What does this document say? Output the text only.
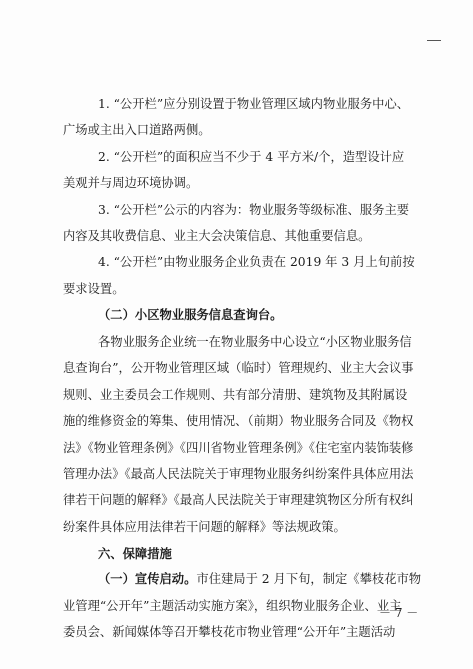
1. “公开栏”应分别设置于物业管理区域内物业服务中心、

广场或主出入口道路两侧。

2. “公开栏”的面积应当不少于 4 平方米/个，造型设计应

美观并与周边环境协调。

3. “公开栏”公示的内容为：物业服务等级标准、服务主要

内容及其收费信息、业主大会决策信息、其他重要信息。

4. “公开栏”由物业服务企业负责在 2019 年 3 月上旬前按

要求设置。

（二）小区物业服务信息查询台。

各物业服务企业统一在物业服务中心设立“小区物业服务信

息查询台”，公开物业管理区域（临时）管理规约、业主大会议事

规则、业主委员会工作规则、共有部分清册、建筑物及其附属设

施的维修资金的筹集、使用情况、（前期）物业服务合同及《物权

法》《物业管理条例》《四川省物业管理条例》《住宅室内装饰装修

管理办法》《最高人民法院关于审理物业服务纠纷案件具体应用法

律若干问题的解释》《最高人民法院关于审理建筑物区分所有权纠

纷案件具体应用法律若干问题的解释》等法规政策。

六、保障措施

（一）宣传启动。市住建局于 2 月下旬，制定《攀枝花市物

业管理“公开年”主题活动实施方案》，组织物业服务企业、业主

委员会、新闻媒体等召开攀枝花市物业管理“公开年”主题活动

－ 7 －
